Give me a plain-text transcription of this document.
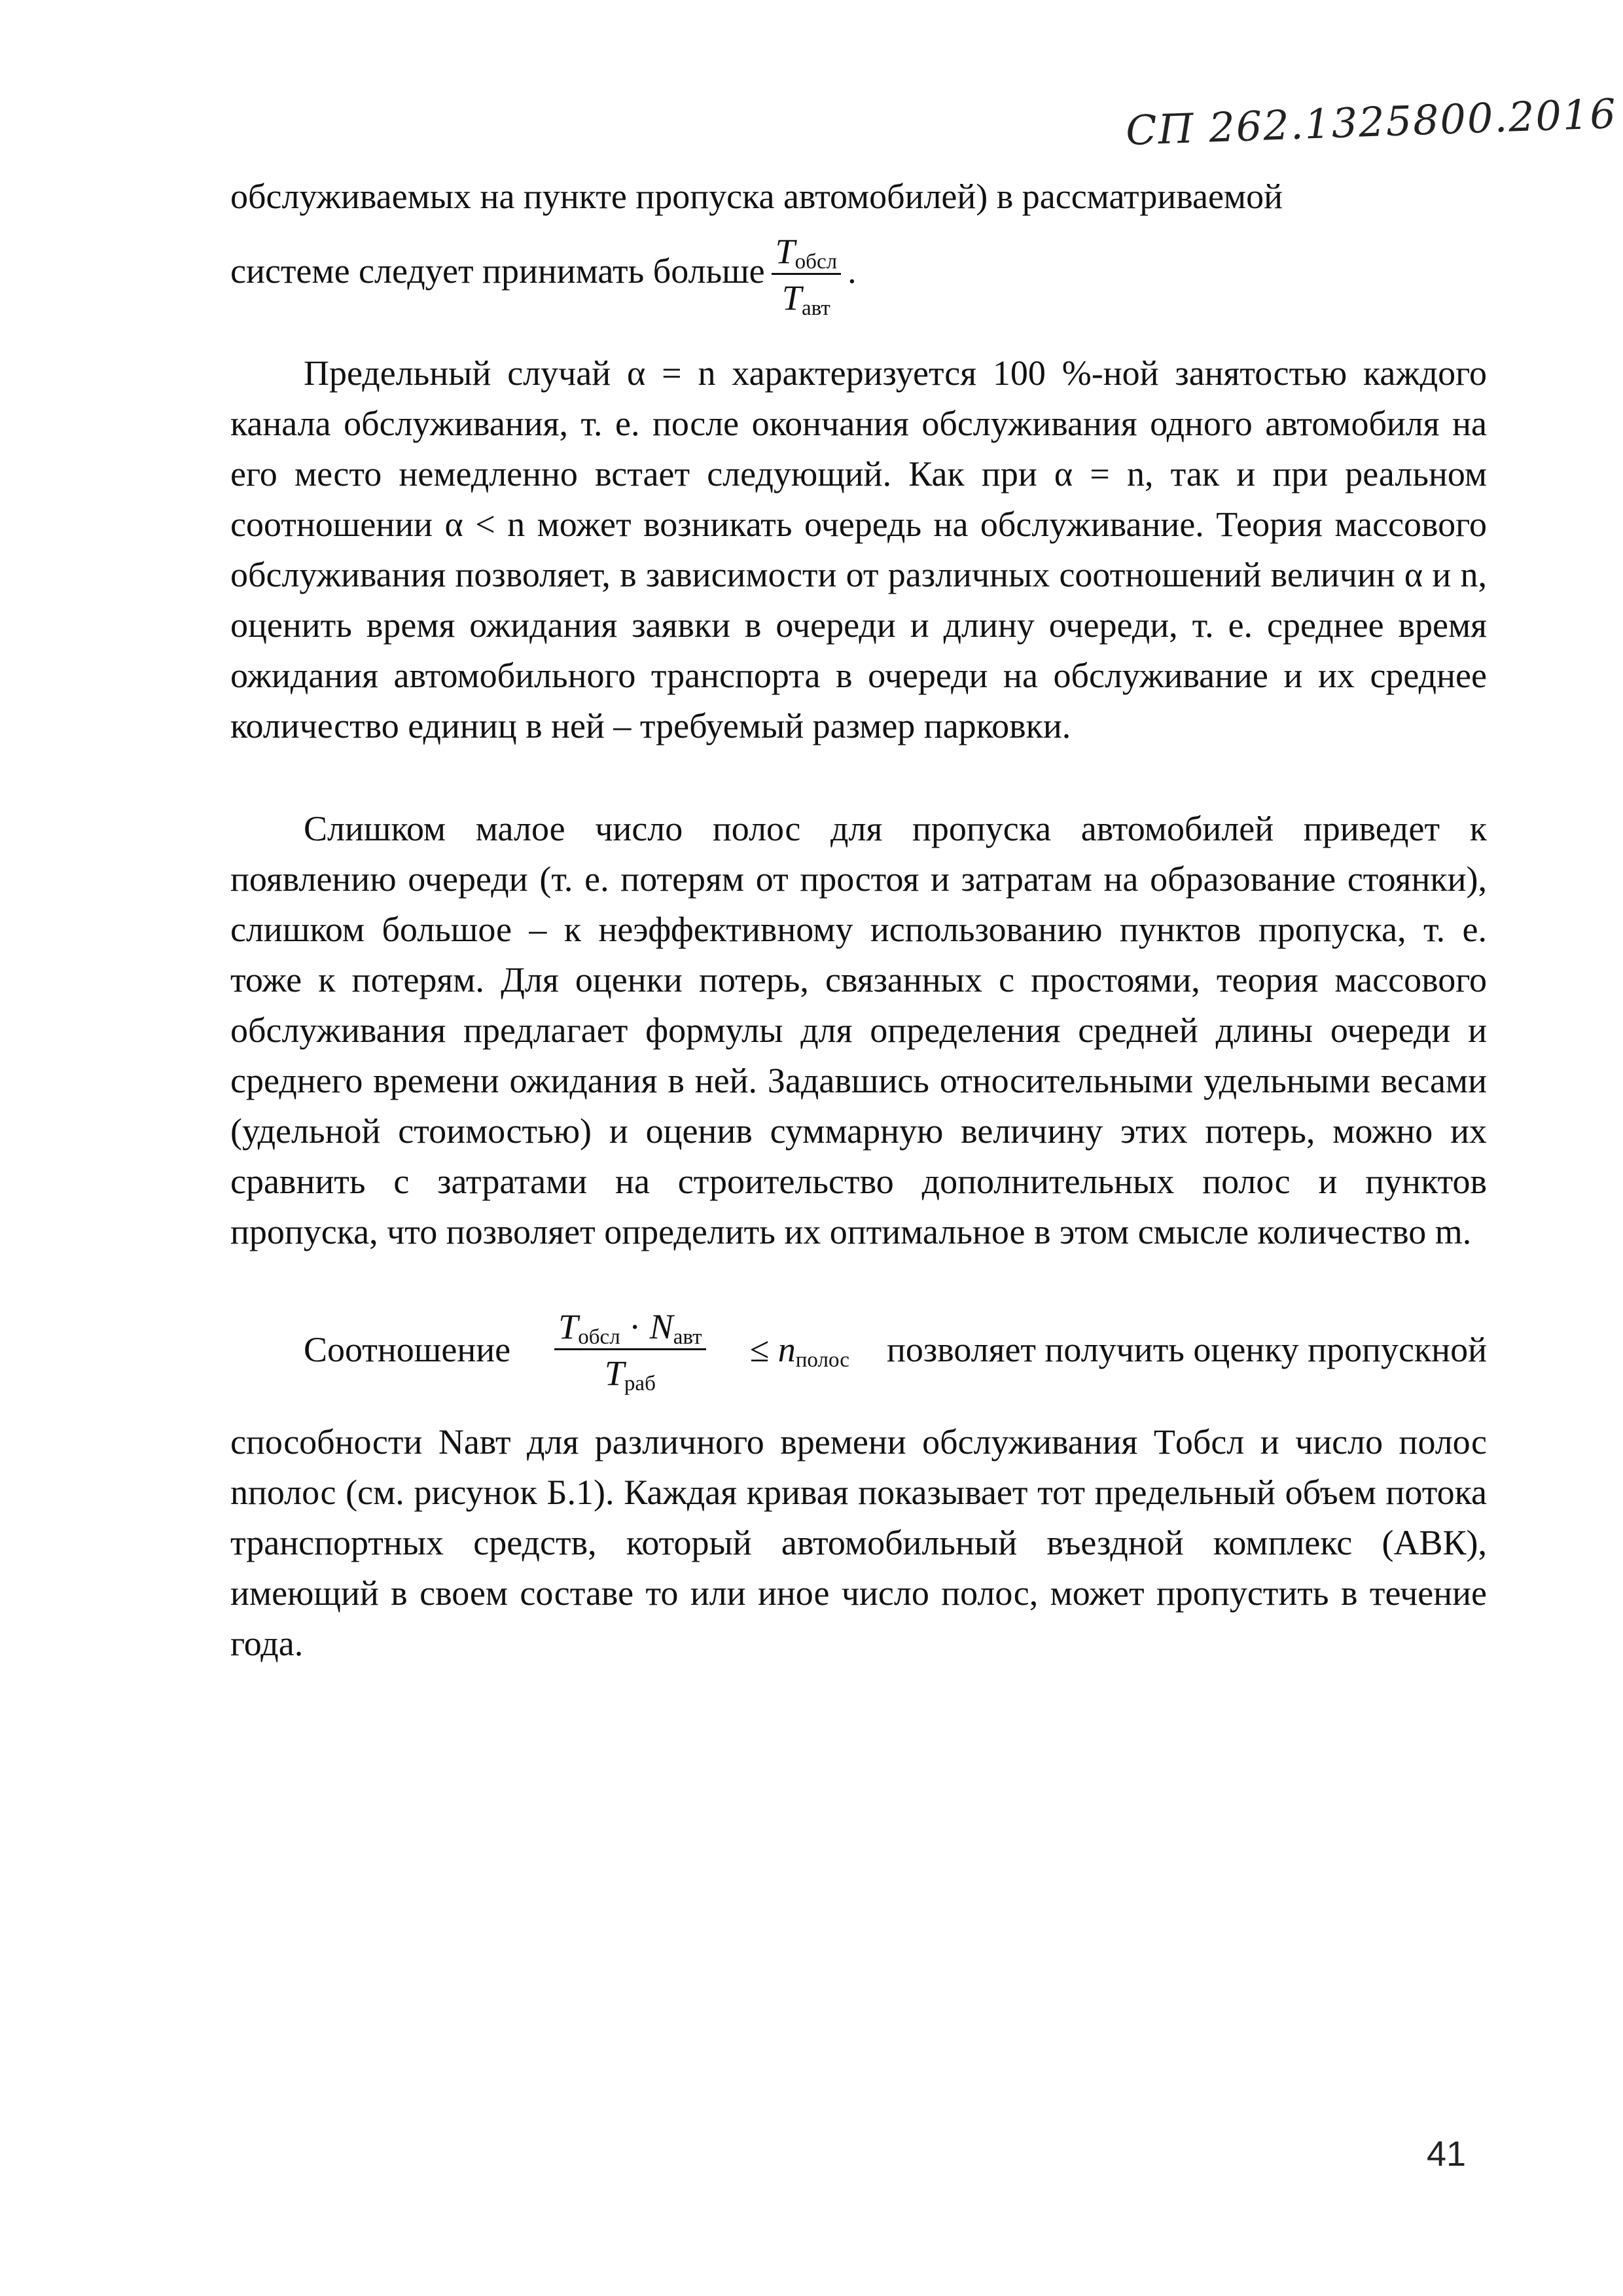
СП 262.1325800.2016

обслуживаемых на пункте пропуска автомобилей) в рассматриваемой

системе следует принимать больше $\frac{T_{обсл}}{T_{авт}}$ .

Предельный случай α = n характеризуется 100 %-ной занятостью каждого канала обслуживания, т. е. после окончания обслуживания одного автомобиля на его место немедленно встает следующий. Как при α = n, так и при реальном соотношении α < n может возникать очередь на обслуживание. Теория массового обслуживания позволяет, в зависимости от различных соотношений величин α и n, оценить время ожидания заявки в очереди и длину очереди, т. е. среднее время ожидания автомобильного транспорта в очереди на обслуживание и их среднее количество единиц в ней – требуемый размер парковки.

Слишком малое число полос для пропуска автомобилей приведет к появлению очереди (т. е. потерям от простоя и затратам на образование стоянки), слишком большое – к неэффективному использованию пунктов пропуска, т. е. тоже к потерям. Для оценки потерь, связанных с простоями, теория массового обслуживания предлагает формулы для определения средней длины очереди и среднего времени ожидания в ней. Задавшись относительными удельными весами (удельной стоимостью) и оценив суммарную величину этих потерь, можно их сравнить с затратами на строительство дополнительных полос и пунктов пропуска, что позволяет определить их оптимальное в этом смысле количество m.

Соотношение $\frac{T_{обсл} \cdot N_{авт}}{T_{раб}} \le n_{полос}$ позволяет получить оценку пропускной

способности Nавт для различного времени обслуживания Tобсл и число полос nполос (см. рисунок Б.1). Каждая кривая показывает тот предельный объем потока транспортных средств, который автомобильный въездной комплекс (АВК), имеющий в своем составе то или иное число полос, может пропустить в течение года.

41
